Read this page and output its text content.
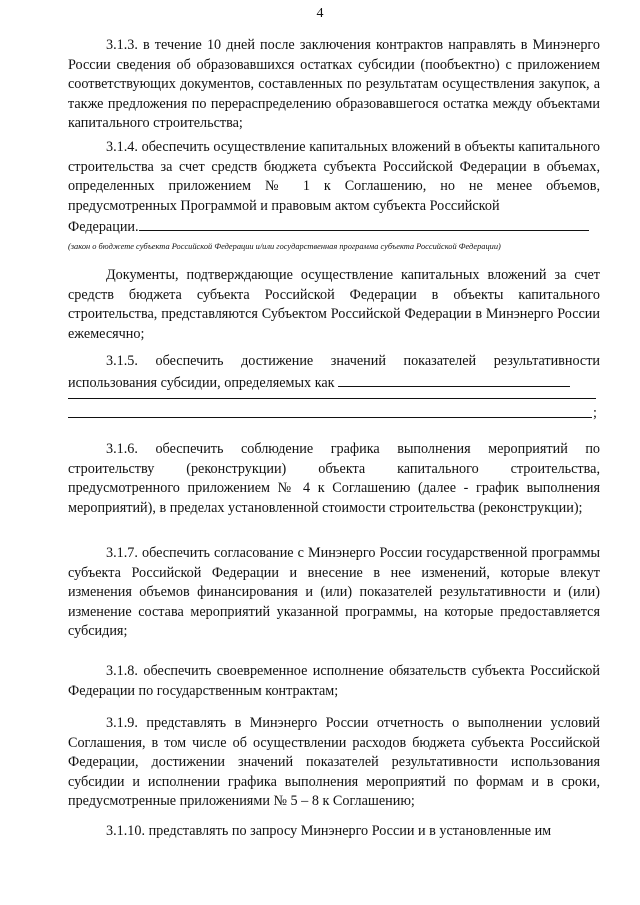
4

3.1.3. в течение 10 дней после заключения контрактов направлять в Минэнерго России сведения об образовавшихся остатках субсидии (пообъектно) с приложением соответствующих документов, составленных по результатам осуществления закупок, а также предложения по перераспределению образовавшегося остатка между объектами капитального строительства;

3.1.4. обеспечить осуществление капитальных вложений в объекты капитального строительства за счет средств бюджета субъекта Российской Федерации в объемах, определенных приложением № 1 к Соглашению, но не менее объемов, предусмотренных Программой и правовым актом субъекта Российской
Федерации.

(закон о бюджете субъекта Российской Федерации и/или государственная программа субъекта Российской Федерации)

Документы, подтверждающие осуществление капитальных вложений за счет средств бюджета субъекта Российской Федерации в объекты капитального строительства, представляются Субъектом Российской Федерации в Минэнерго России ежемесячно;

3.1.5. обеспечить достижение значений показателей результативности использования субсидии, определяемых как

;

3.1.6. обеспечить соблюдение графика выполнения мероприятий по строительству (реконструкции) объекта капитального строительства, предусмотренного приложением № 4 к Соглашению (далее - график выполнения мероприятий), в пределах установленной стоимости строительства (реконструкции);

3.1.7. обеспечить согласование с Минэнерго России государственной программы субъекта Российской Федерации и внесение в нее изменений, которые влекут изменения объемов финансирования и (или) показателей результативности и (или) изменение состава мероприятий указанной программы, на которые предоставляется субсидия;

3.1.8. обеспечить своевременное исполнение обязательств субъекта Российской Федерации по государственным контрактам;

3.1.9. представлять в Минэнерго России отчетность о выполнении условий Соглашения, в том числе об осуществлении расходов бюджета субъекта Российской Федерации, достижении значений показателей результативности использования субсидии и исполнении графика выполнения мероприятий по формам и в сроки, предусмотренные приложениями № 5 – 8 к Соглашению;

3.1.10. представлять по запросу Минэнерго России и в установленные им
